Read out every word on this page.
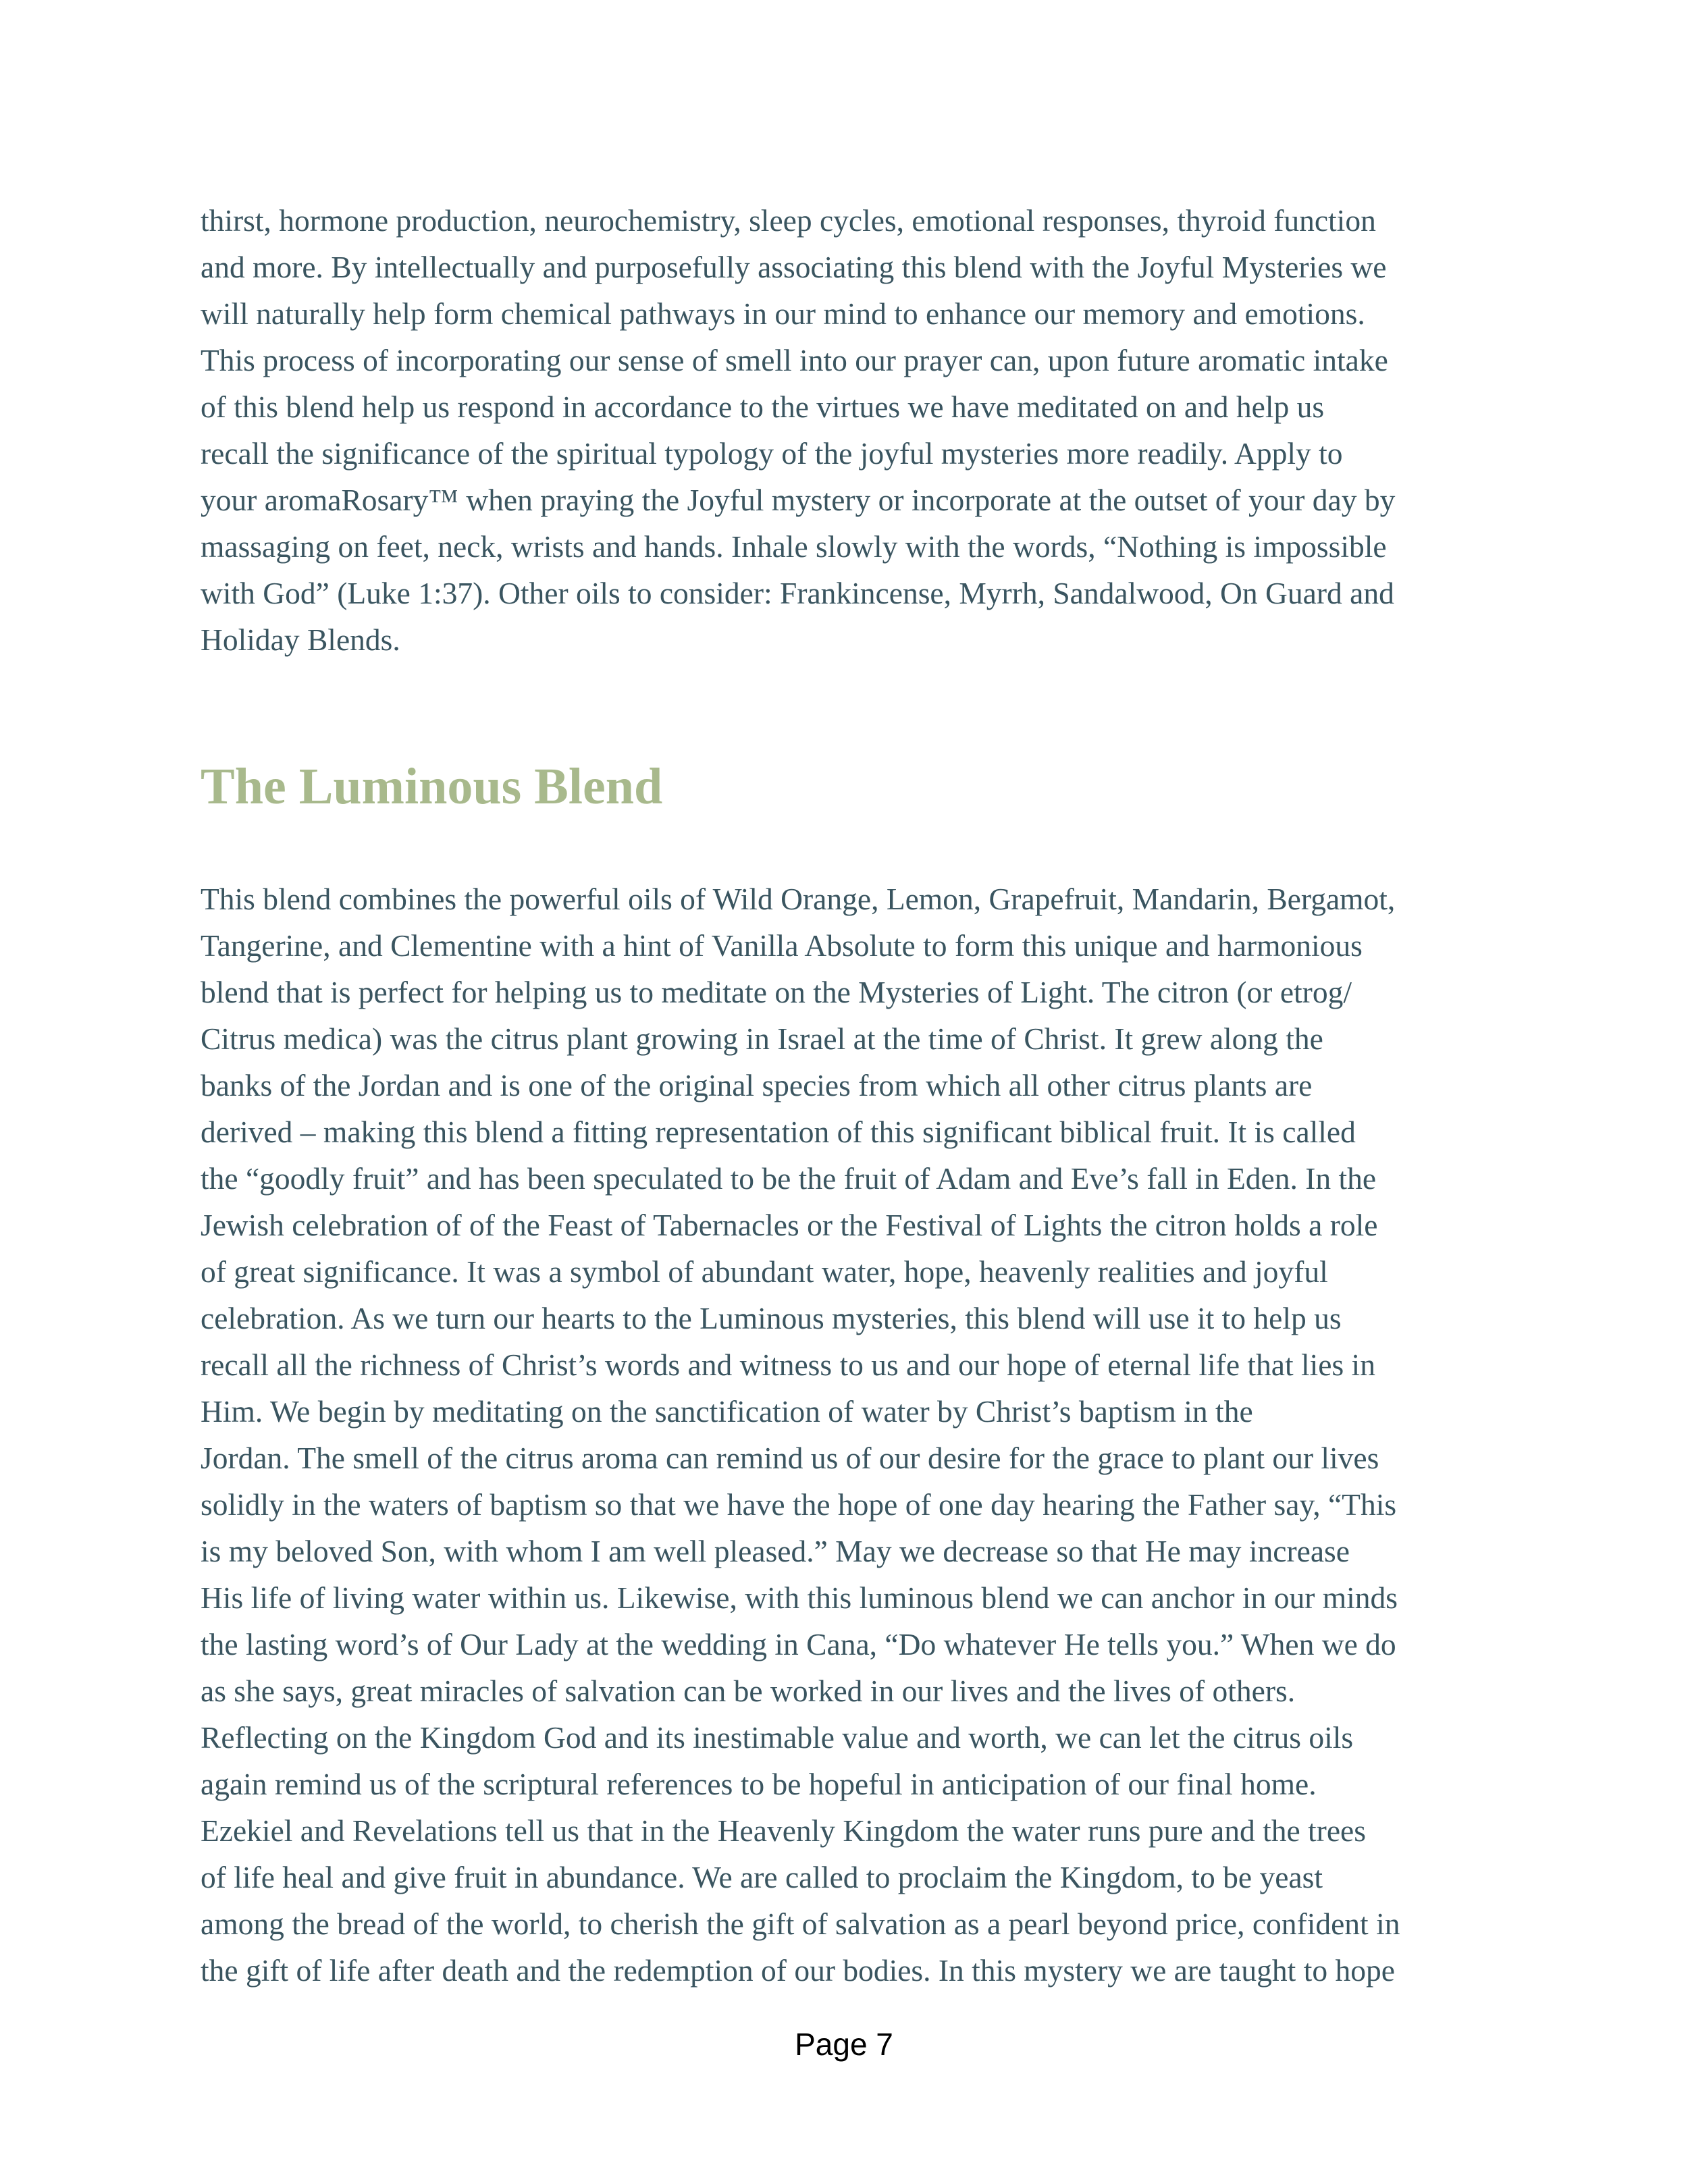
thirst, hormone production, neurochemistry, sleep cycles, emotional responses, thyroid function
and more. By intellectually and purposefully associating this blend with the Joyful Mysteries we
will naturally help form chemical pathways in our mind to enhance our memory and emotions.
This process of incorporating our sense of smell into our prayer can, upon future aromatic intake
of this blend help us respond in accordance to the virtues we have meditated on and help us
recall the significance of the spiritual typology of the joyful mysteries more readily. Apply to
your aromaRosary™ when praying the Joyful mystery or incorporate at the outset of your day by
massaging on feet, neck, wrists and hands. Inhale slowly with the words, “Nothing is impossible
with God” (Luke 1:37). Other oils to consider: Frankincense, Myrrh, Sandalwood, On Guard and
Holiday Blends.
The Luminous Blend
This blend combines the powerful oils of Wild Orange, Lemon, Grapefruit, Mandarin, Bergamot,
Tangerine, and Clementine with a hint of Vanilla Absolute to form this unique and harmonious
blend that is perfect for helping us to meditate on the Mysteries of Light. The citron (or etrog/
Citrus medica) was the citrus plant growing in Israel at the time of Christ. It grew along the
banks of the Jordan and is one of the original species from which all other citrus plants are
derived – making this blend a fitting representation of this significant biblical fruit. It is called
the “goodly fruit” and has been speculated to be the fruit of Adam and Eve’s fall in Eden. In the
Jewish celebration of of the Feast of Tabernacles or the Festival of Lights the citron holds a role
of great significance. It was a symbol of abundant water, hope, heavenly realities and joyful
celebration. As we turn our hearts to the Luminous mysteries, this blend will use it to help us
recall all the richness of Christ’s words and witness to us and our hope of eternal life that lies in
Him. We begin by meditating on the sanctification of water by Christ’s baptism in the
Jordan. The smell of the citrus aroma can remind us of our desire for the grace to plant our lives
solidly in the waters of baptism so that we have the hope of one day hearing the Father say, “This
is my beloved Son, with whom I am well pleased.” May we decrease so that He may increase
His life of living water within us. Likewise, with this luminous blend we can anchor in our minds
the lasting word’s of Our Lady at the wedding in Cana, “Do whatever He tells you.” When we do
as she says, great miracles of salvation can be worked in our lives and the lives of others.
Reflecting on the Kingdom God and its inestimable value and worth, we can let the citrus oils
again remind us of the scriptural references to be hopeful in anticipation of our final home.
Ezekiel and Revelations tell us that in the Heavenly Kingdom the water runs pure and the trees
of life heal and give fruit in abundance. We are called to proclaim the Kingdom, to be yeast
among the bread of the world, to cherish the gift of salvation as a pearl beyond price, confident in
the gift of life after death and the redemption of our bodies. In this mystery we are taught to hope
Page 7
